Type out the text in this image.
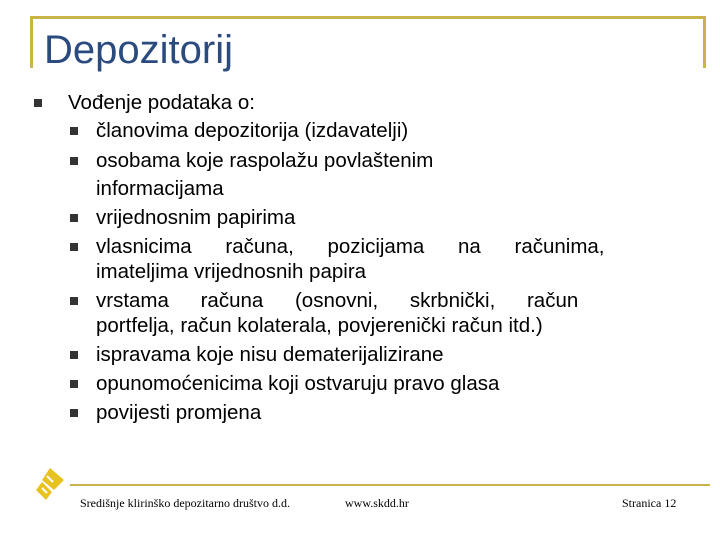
Depozitorij
Vođenje podataka o:
članovima depozitorija (izdavatelji)
osobama koje raspolažu povlaštenim
informacijama
vrijednosnim papirima
vlasnicima računa, pozicijama na računima,
imateljima vrijednosnih papira
vrstama računa (osnovni, skrbnički, račun
portfelja, račun kolaterala, povjerenički račun itd.)
ispravama koje nisu dematerijalizirane
opunomoćenicima koji ostvaruju pravo glasa
povijesti promjena
Središnje klirinško depozitarno društvo d.d.	www.skdd.hr	Stranica 12
